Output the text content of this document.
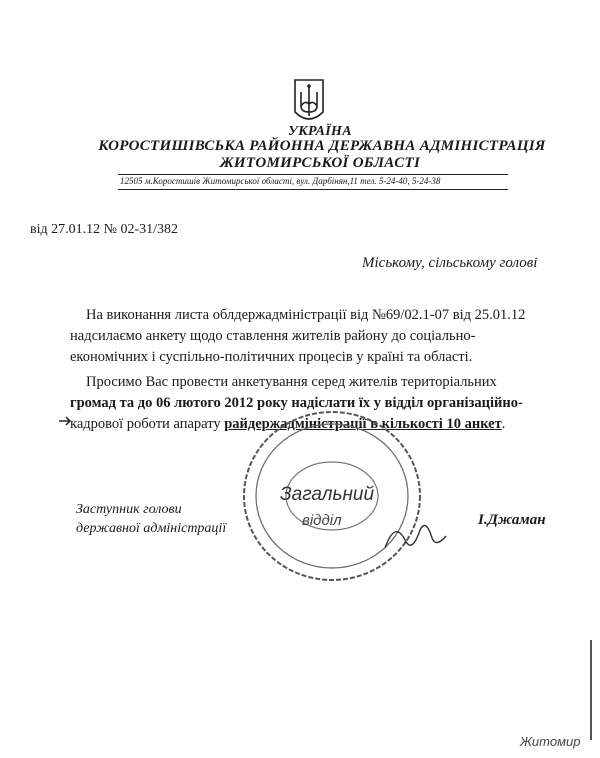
УКРАЇНА
КОРОСТИШІВСЬКА РАЙОННА ДЕРЖАВНА АДМІНІСТРАЦІЯ
ЖИТОМИРСЬКОЇ ОБЛАСТІ
12505 м.Коростишів Житомирської області, вул. Дарбінян,11 тел. 5-24-40, 5-24-38
від 27.01.12 № 02-31/382
Міському, сільському голові
На виконання листа облдержадміністрації від №69/02.1-07 від 25.01.12
надсилаємо анкету щодо ставлення жителів району до соціально-
економічних і суспільно-політичних процесів у країні та області.
Просимо Вас провести анкетування серед жителів територіальних
громад та до 06 лютого 2012 року надіслати їх у відділ організаційно-
кадрової роботи апарату райдержадміністрації в кількості 10 анкет.
Загальний
відділ
Заступник голови
державної адміністрації
І.Джаман
Житомир
